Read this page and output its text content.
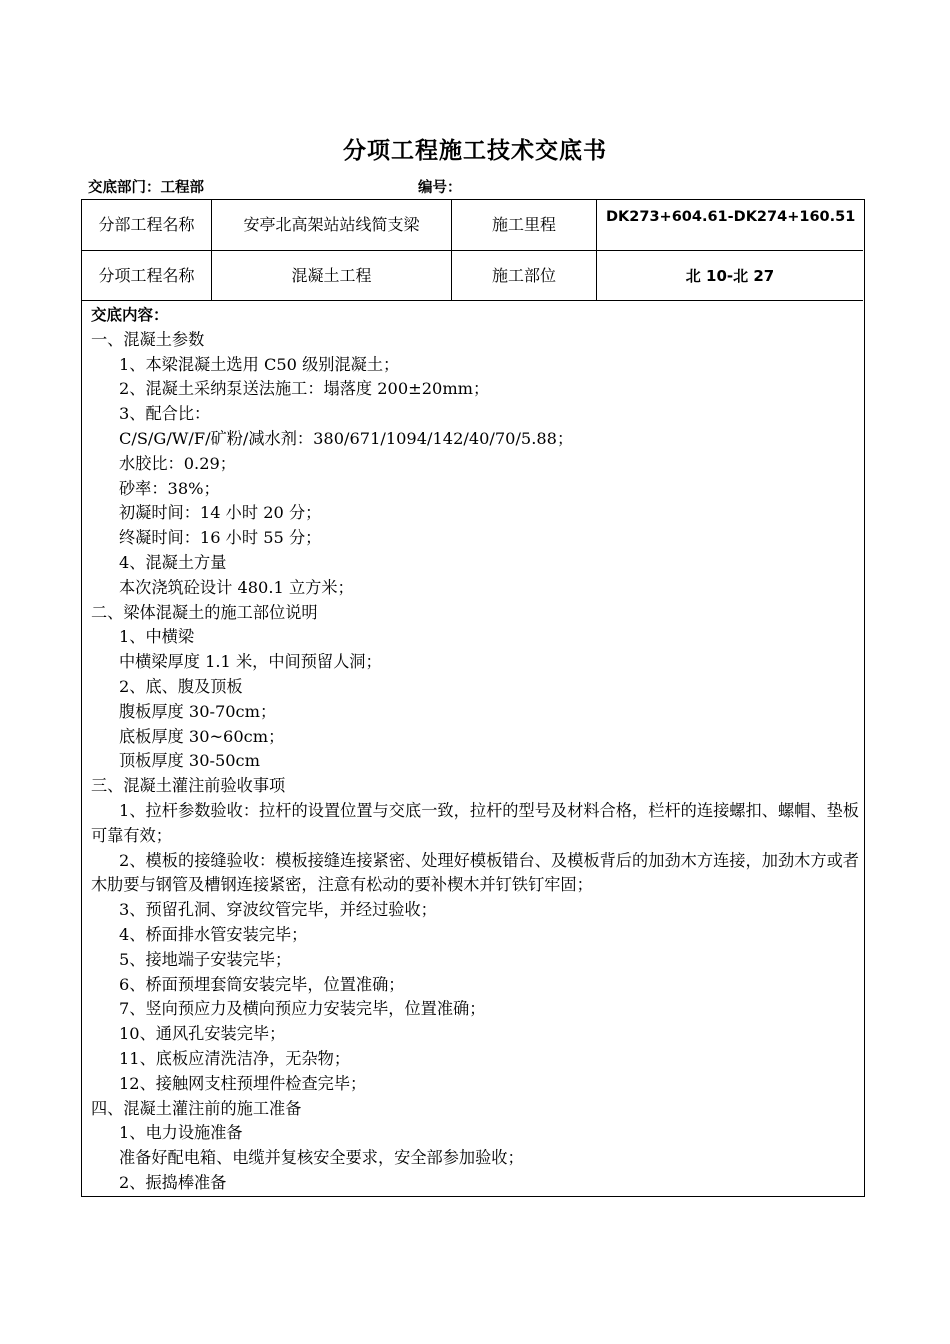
分项工程施工技术交底书
交底部门：工程部	编号：
分部工程名称	安亭北高架站站线简支梁	施工里程	DK273+604.61-DK274+160.51
分项工程名称	混凝土工程	施工部位	北 10-北 27
交底内容：
一、混凝土参数
1、本梁混凝土选用 C50 级别混凝土；
2、混凝土采纳泵送法施工：塌落度 200±20mm；
3、配合比：
C/S/G/W/F/矿粉/减水剂：380/671/1094/142/40/70/5.88；
水胶比：0.29；
砂率：38%；
初凝时间：14 小时 20 分；
终凝时间：16 小时 55 分；
4、混凝土方量
本次浇筑砼设计 480.1 立方米；
二、梁体混凝土的施工部位说明
1、中横梁
中横梁厚度 1.1 米，中间预留人洞；
2、底、腹及顶板
腹板厚度 30-70cm；
底板厚度 30~60cm；
顶板厚度 30-50cm
三、混凝土灌注前验收事项
1、拉杆参数验收：拉杆的设置位置与交底一致，拉杆的型号及材料合格，栏杆的连接螺扣、螺帽、垫板可靠有效；
2、模板的接缝验收：模板接缝连接紧密、处理好模板错台、及模板背后的加劲木方连接，加劲木方或者木肋要与钢管及槽钢连接紧密，注意有松动的要补楔木并钉铁钉牢固；
3、预留孔洞、穿波纹管完毕，并经过验收；
4、桥面排水管安装完毕；
5、接地端子安装完毕；
6、桥面预埋套筒安装完毕，位置准确；
7、竖向预应力及横向预应力安装完毕，位置准确；
10、通风孔安装完毕；
11、底板应清洗洁净，无杂物；
12、接触网支柱预埋件检查完毕；
四、混凝土灌注前的施工准备
1、电力设施准备
准备好配电箱、电缆并复核安全要求，安全部参加验收；
2、振捣棒准备
